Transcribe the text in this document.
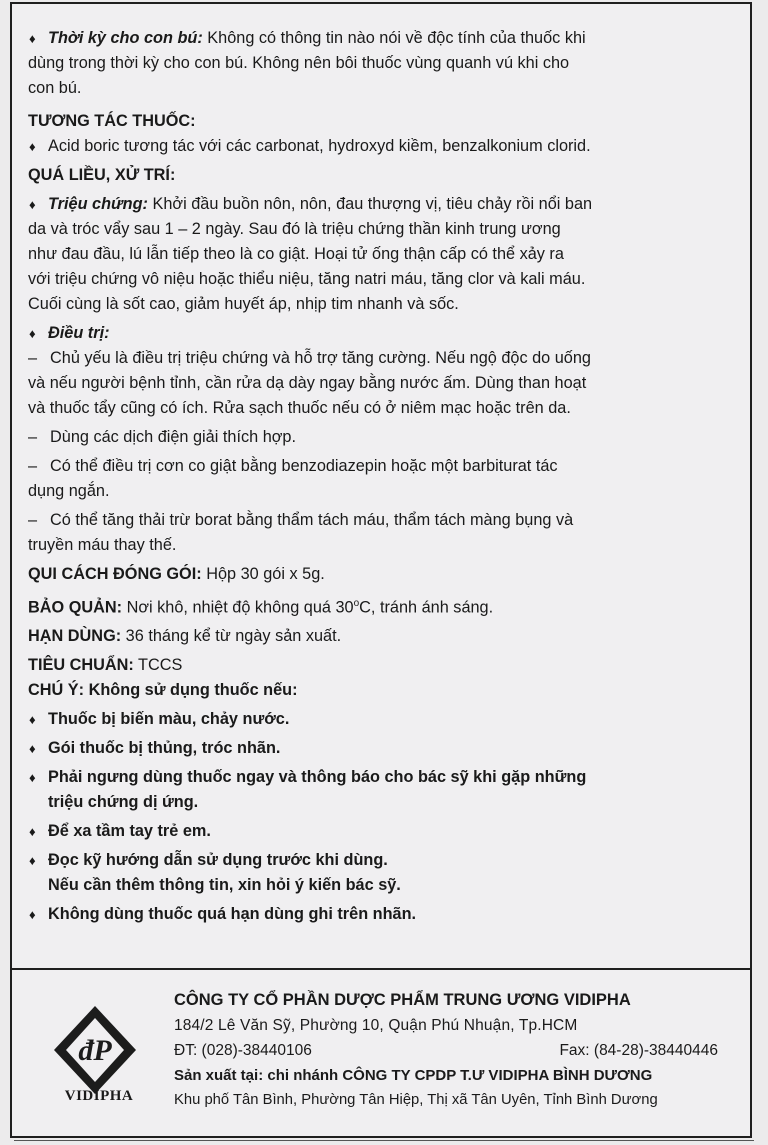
♦ Thời kỳ cho con bú: Không có thông tin nào nói về độc tính của thuốc khi

dùng trong thời kỳ cho con bú. Không nên bôi thuốc vùng quanh vú khi cho

con bú.

TƯƠNG TÁC THUỐC:

♦ Acid boric tương tác với các carbonat, hydroxyd kiềm, benzalkonium clorid.

QUÁ LIỀU, XỬ TRÍ:

♦ Triệu chứng: Khởi đầu buồn nôn, nôn, đau thượng vị, tiêu chảy rồi nổi ban

da và tróc vẩy sau 1 – 2 ngày. Sau đó là triệu chứng thần kinh trung ương

như đau đầu, lú lẫn tiếp theo là co giật. Hoại tử ống thận cấp có thể xảy ra

với triệu chứng vô niệu hoặc thiểu niệu, tăng natri máu, tăng clor và kali máu.

Cuối cùng là sốt cao, giảm huyết áp, nhịp tim nhanh và sốc.

♦ Điều trị:

– Chủ yếu là điều trị triệu chứng và hỗ trợ tăng cường. Nếu ngộ độc do uống

và nếu người bệnh tỉnh, cần rửa dạ dày ngay bằng nước ấm. Dùng than hoạt

và thuốc tẩy cũng có ích. Rửa sạch thuốc nếu có ở niêm mạc hoặc trên da.

– Dùng các dịch điện giải thích hợp.

– Có thể điều trị cơn co giật bằng benzodiazepin hoặc một barbiturat tác

dụng ngắn.

– Có thể tăng thải trừ borat bằng thẩm tách máu, thẩm tách màng bụng và

truyền máu thay thế.

QUI CÁCH ĐÓNG GÓI: Hộp 30 gói x 5g.

BẢO QUẢN: Nơi khô, nhiệt độ không quá 30$^o$C, tránh ánh sáng.

HẠN DÙNG: 36 tháng kể từ ngày sản xuất.

TIÊU CHUẨN: TCCS

CHÚ Ý: Không sử dụng thuốc nếu:

♦ Thuốc bị biến màu, chảy nước.

♦ Gói thuốc bị thủng, tróc nhãn.

♦ Phải ngưng dùng thuốc ngay và thông báo cho bác sỹ khi gặp những

triệu chứng dị ứng.

♦ Để xa tầm tay trẻ em.

♦ Đọc kỹ hướng dẫn sử dụng trước khi dùng.

Nếu cần thêm thông tin, xin hỏi ý kiến bác sỹ.

♦ Không dùng thuốc quá hạn dùng ghi trên nhãn.

đP
VIDIPHA
CÔNG TY CỔ PHẦN DƯỢC PHẨM TRUNG ƯƠNG VIDIPHA
184/2 Lê Văn Sỹ, Phường 10, Quận Phú Nhuận, Tp.HCM
ĐT: (028)-38440106	Fax: (84-28)-38440446
Sản xuất tại: chi nhánh CÔNG TY CPDP T.Ư VIDIPHA BÌNH DƯƠNG
Khu phố Tân Bình, Phường Tân Hiệp, Thị xã Tân Uyên, Tỉnh Bình Dương
